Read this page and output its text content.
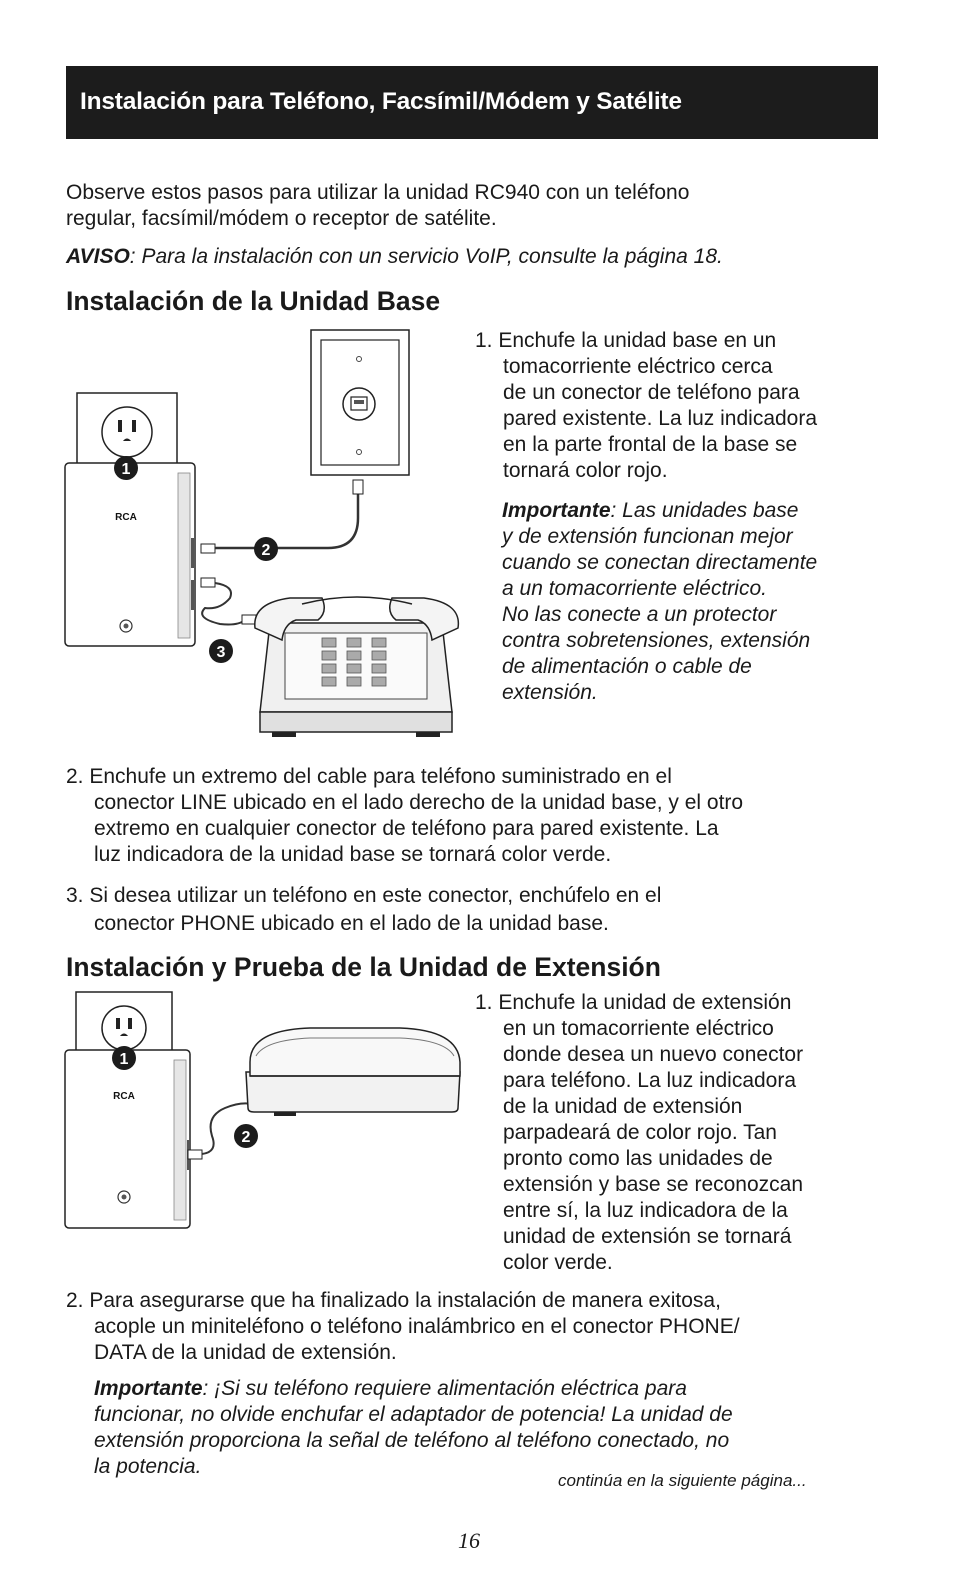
Instalación para Teléfono, Facsímil/Módem y Satélite
Observe estos pasos para utilizar la unidad RC940 con un teléfono
regular, facsímil/módem o receptor de satélite.
AVISO: Para la instalación con un servicio VoIP, consulte la página 18.
Instalación de la Unidad Base
1. Enchufe la unidad base en un
tomacorriente eléctrico cerca
de un conector de teléfono para
pared existente. La luz indicadora
en la parte frontal de la base se
tornará color rojo.
Importante: Las unidades base
y de extensión funcionan mejor
cuando se conectan directamente
a un tomacorriente eléctrico.
No las conecte a un protector
contra sobretensiones, extensión
de alimentación o cable de
extensión.
RCA
1
2
3
2. Enchufe un extremo del cable para teléfono suministrado en el
conector LINE ubicado en el lado derecho de la unidad base, y el otro
extremo en cualquier conector de teléfono para pared existente. La
luz indicadora de la unidad base se tornará color verde.
3. Si desea utilizar un teléfono en este conector, enchúfelo en el
conector PHONE ubicado en el lado de la unidad base.
Instalación y Prueba de la Unidad de Extensión
1. Enchufe la unidad de extensión
en un tomacorriente eléctrico
donde desea un nuevo conector
para teléfono. La luz indicadora
de la unidad de extensión
parpadeará de color rojo. Tan
pronto como las unidades de
extensión y base se reconozcan
entre sí, la luz indicadora de la
unidad de extensión se tornará
color verde.
RCA
1
2
2. Para asegurarse que ha finalizado la instalación de manera exitosa,
acople un miniteléfono o teléfono inalámbrico en el conector PHONE/
DATA de la unidad de extensión.
Importante: ¡Si su teléfono requiere alimentación eléctrica para
funcionar, no olvide enchufar el adaptador de potencia! La unidad de
extensión proporciona la señal de teléfono al teléfono conectado, no
la potencia.
continúa en la siguiente página...
16
